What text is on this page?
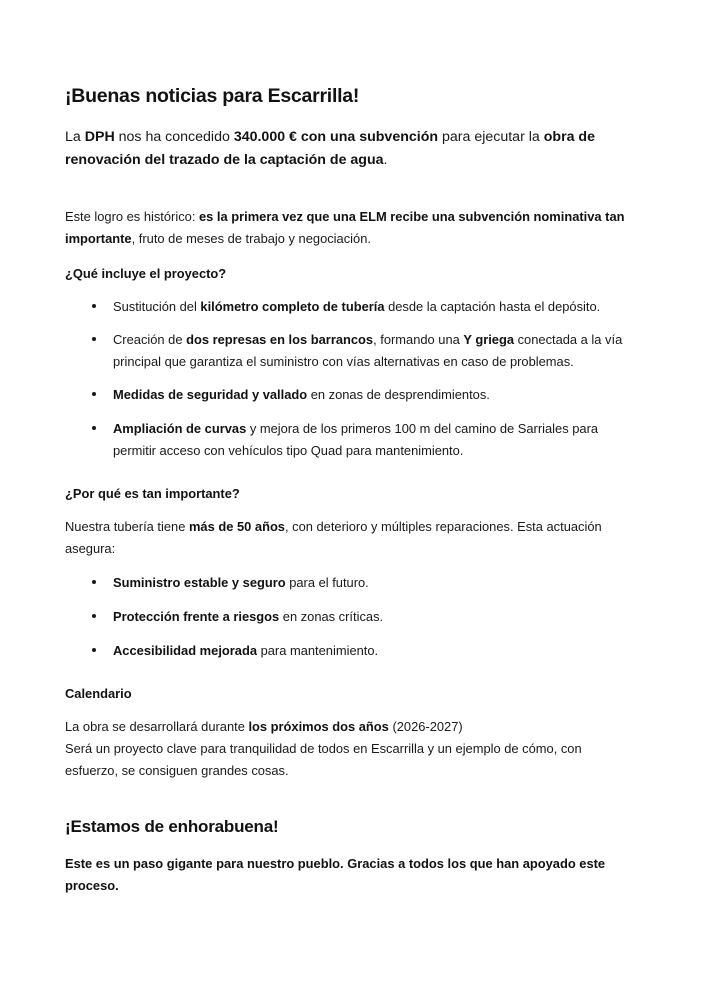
¡Buenas noticias para Escarrilla!

La DPH nos ha concedido 340.000 € con una subvención para ejecutar la obra de renovación del trazado de la captación de agua.

Este logro es histórico: es la primera vez que una ELM recibe una subvención nominativa tan importante, fruto de meses de trabajo y negociación.

¿Qué incluye el proyecto?
Sustitución del kilómetro completo de tubería desde la captación hasta el depósito.
Creación de dos represas en los barrancos, formando una Y griega conectada a la vía principal que garantiza el suministro con vías alternativas en caso de problemas.
Medidas de seguridad y vallado en zonas de desprendimientos.
Ampliación de curvas y mejora de los primeros 100 m del camino de Sarriales para permitir acceso con vehículos tipo Quad para mantenimiento.
¿Por qué es tan importante?

Nuestra tubería tiene más de 50 años, con deterioro y múltiples reparaciones. Esta actuación asegura:

Suministro estable y seguro para el futuro.
Protección frente a riesgos en zonas críticas.
Accesibilidad mejorada para mantenimiento.
Calendario

La obra se desarrollará durante los próximos dos años (2026-2027)
Será un proyecto clave para tranquilidad de todos en Escarrilla y un ejemplo de cómo, con esfuerzo, se consiguen grandes cosas.

¡Estamos de enhorabuena!

Este es un paso gigante para nuestro pueblo. Gracias a todos los que han apoyado este proceso.
